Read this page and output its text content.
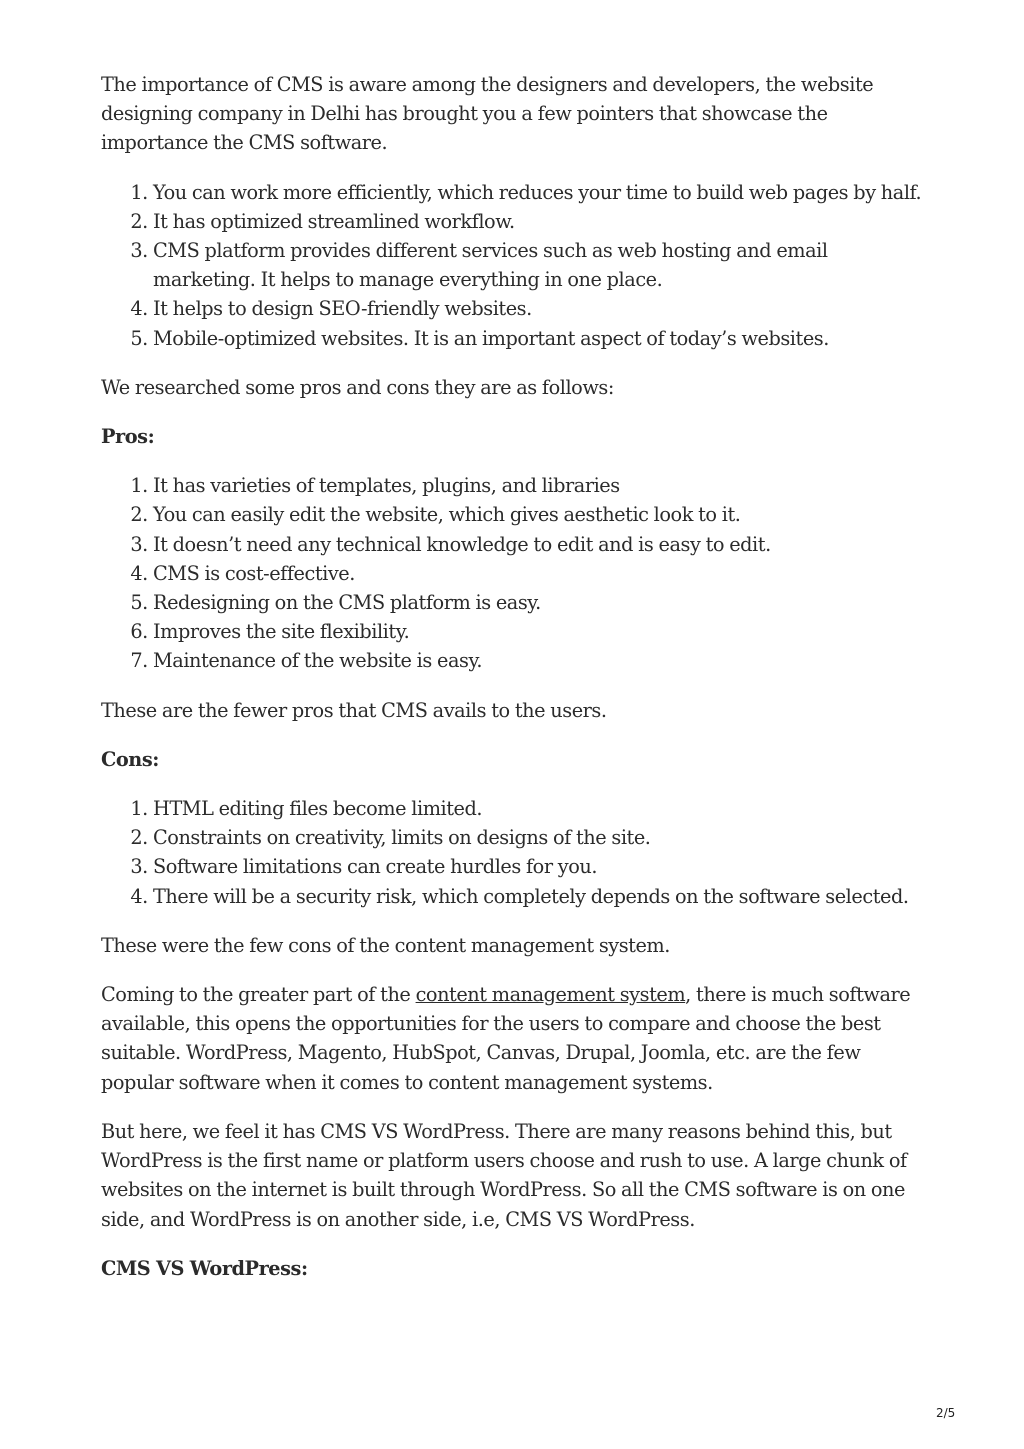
The importance of CMS is aware among the designers and developers, the website designing company in Delhi has brought you a few pointers that showcase the importance the CMS software.

1. You can work more efficiently, which reduces your time to build web pages by half.
2. It has optimized streamlined workflow.
3. CMS platform provides different services such as web hosting and email marketing. It helps to manage everything in one place.
4. It helps to design SEO-friendly websites.
5. Mobile-optimized websites. It is an important aspect of today’s websites.

We researched some pros and cons they are as follows:

Pros:

1. It has varieties of templates, plugins, and libraries
2. You can easily edit the website, which gives aesthetic look to it.
3. It doesn’t need any technical knowledge to edit and is easy to edit.
4. CMS is cost-effective.
5. Redesigning on the CMS platform is easy.
6. Improves the site flexibility.
7. Maintenance of the website is easy.

These are the fewer pros that CMS avails to the users.

Cons:

1. HTML editing files become limited.
2. Constraints on creativity, limits on designs of the site.
3. Software limitations can create hurdles for you.
4. There will be a security risk, which completely depends on the software selected.

These were the few cons of the content management system.

Coming to the greater part of the content management system, there is much software available, this opens the opportunities for the users to compare and choose the best suitable. WordPress, Magento, HubSpot, Canvas, Drupal, Joomla, etc. are the few popular software when it comes to content management systems.

But here, we feel it has CMS VS WordPress. There are many reasons behind this, but WordPress is the first name or platform users choose and rush to use. A large chunk of websites on the internet is built through WordPress. So all the CMS software is on one side, and WordPress is on another side, i.e, CMS VS WordPress.

CMS VS WordPress:

2/5
